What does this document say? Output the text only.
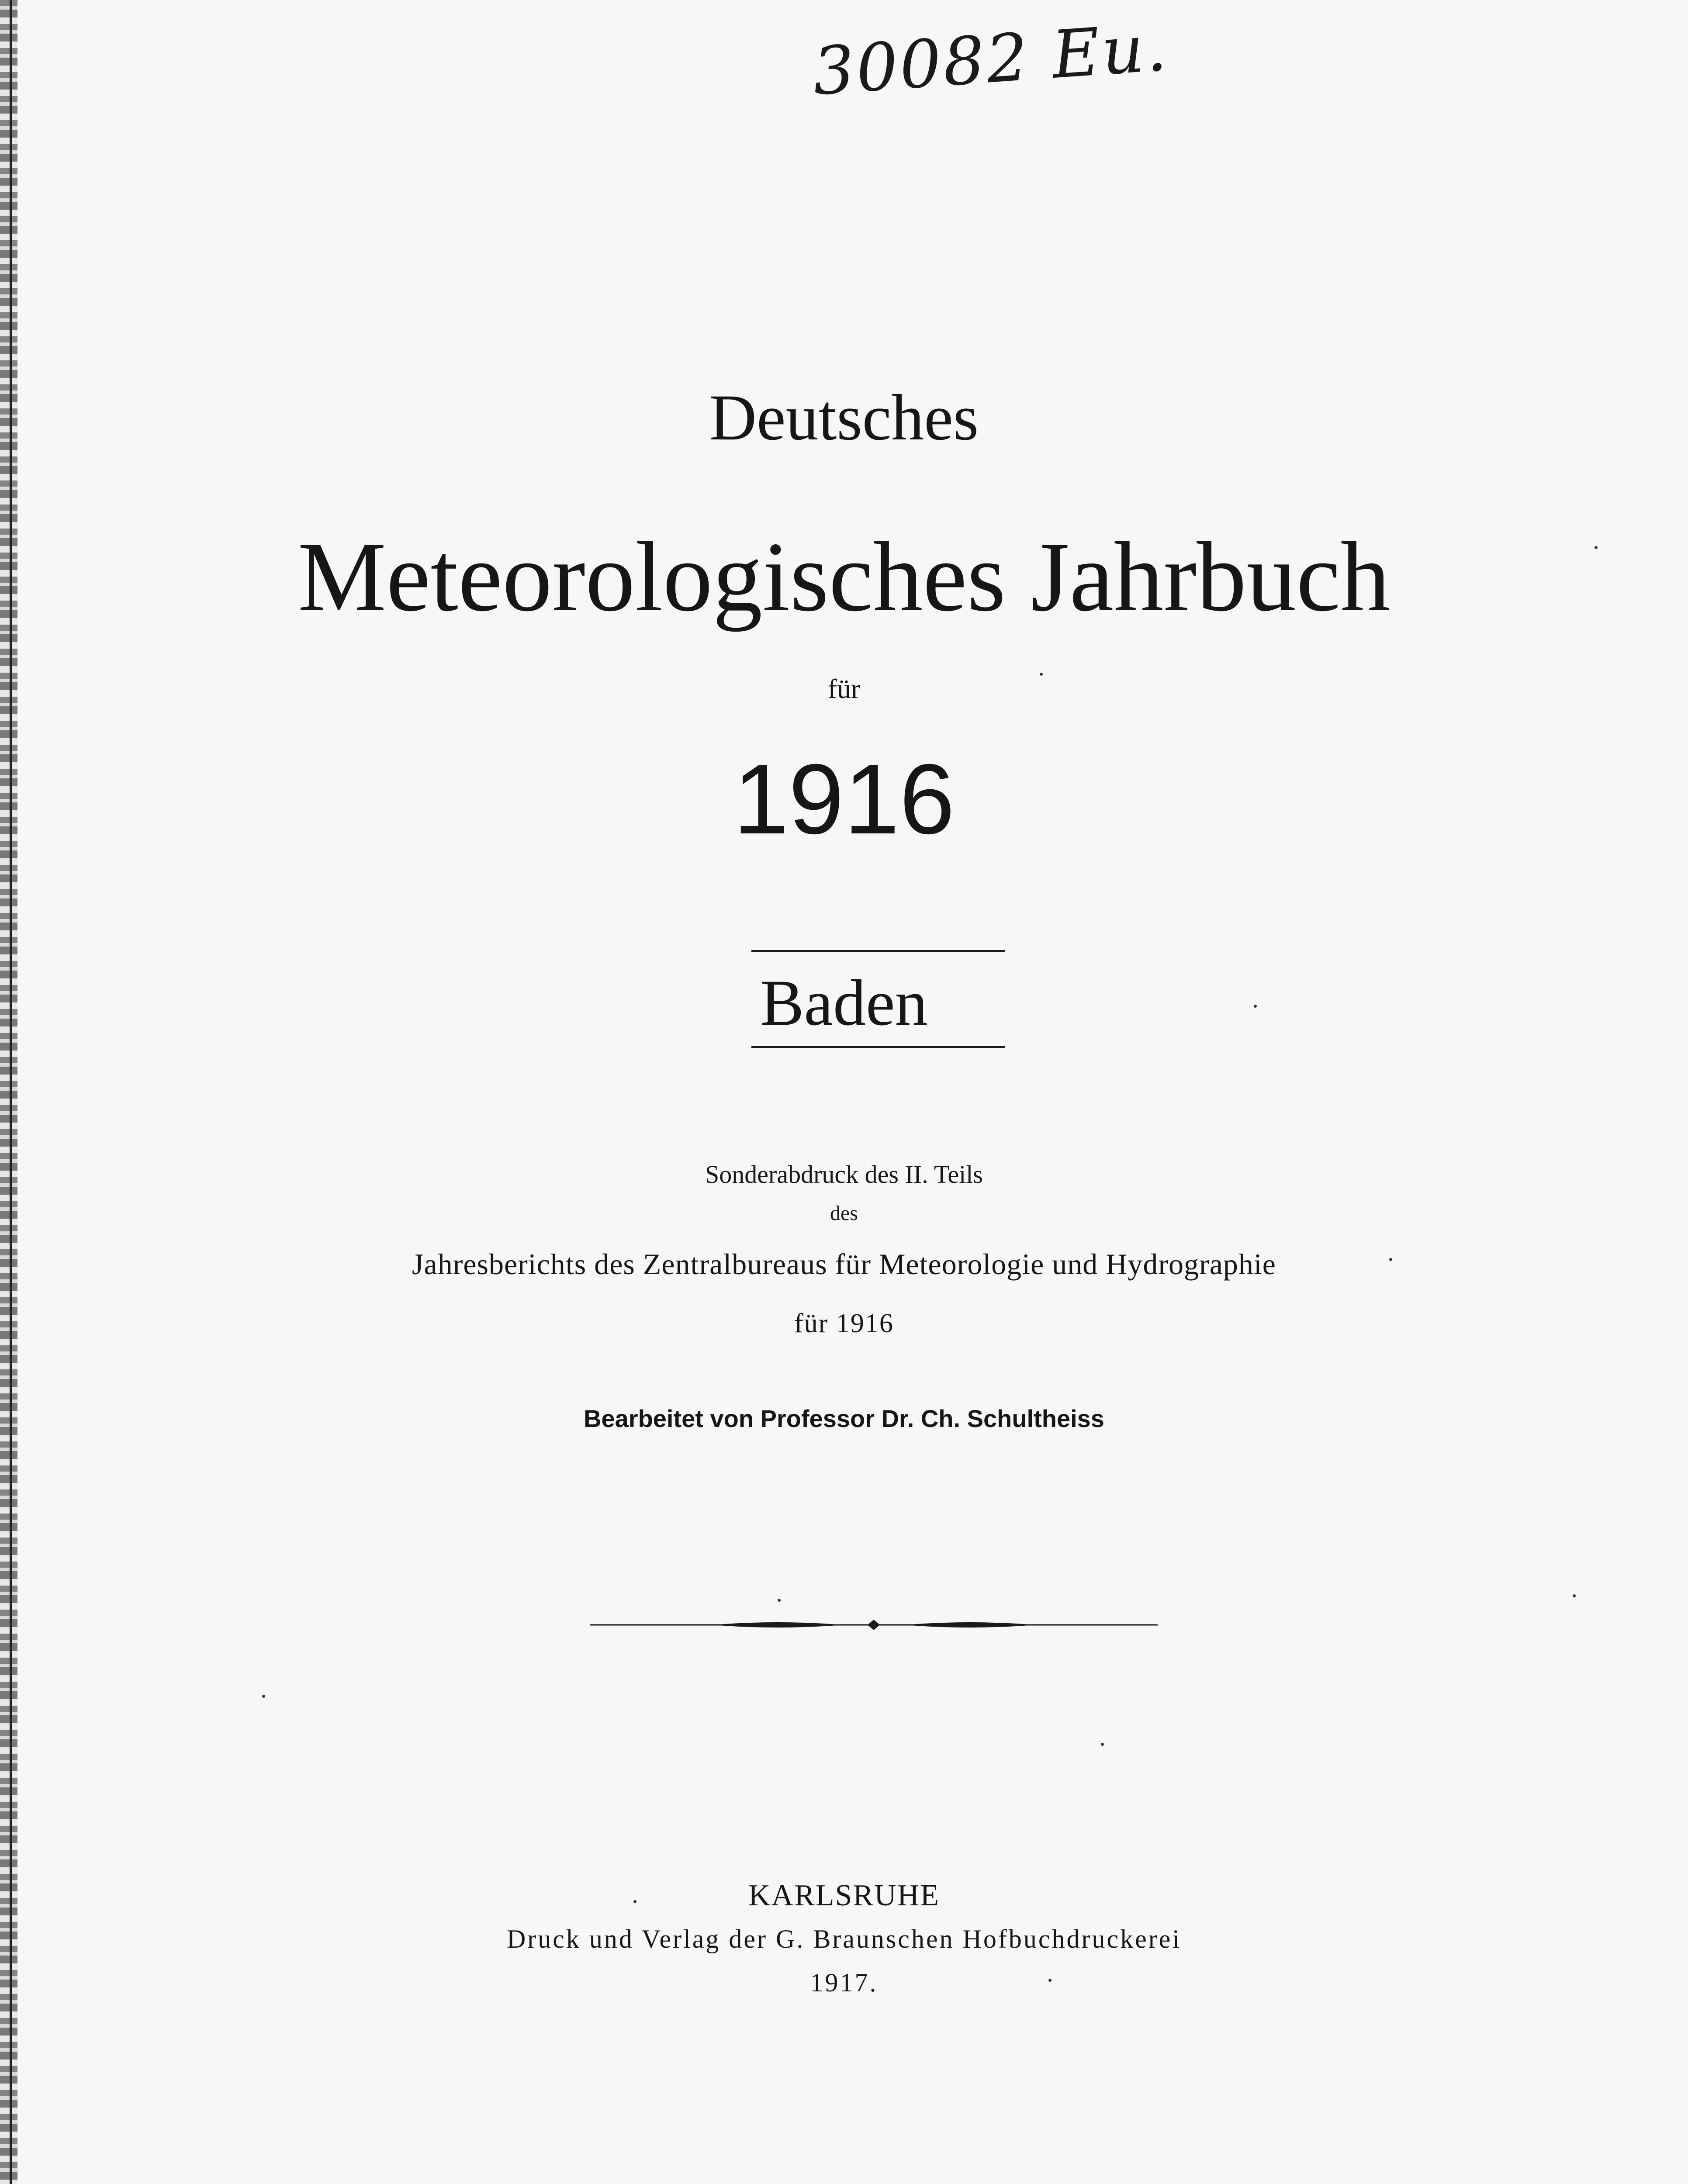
30082 Eu.
Deutsches
Meteorologisches Jahrbuch
für
1916
Baden
Sonderabdruck des II. Teils
des
Jahresberichts des Zentralbureaus für Meteorologie und Hydrographie
für 1916
Bearbeitet von Professor Dr. Ch. Schultheiss
KARLSRUHE
Druck und Verlag der G. Braunschen Hofbuchdruckerei
1917.
